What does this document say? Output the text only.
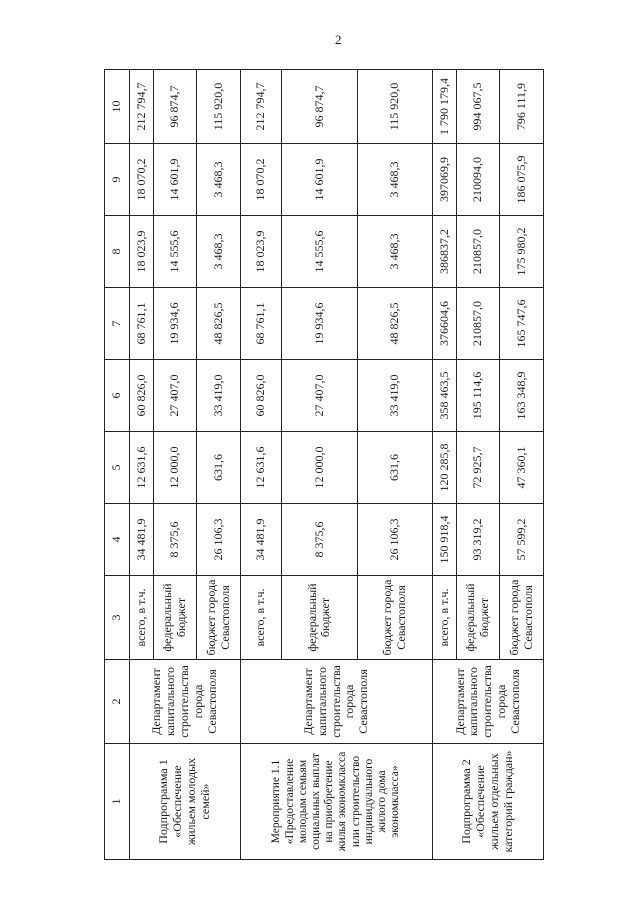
2
1	2	3	4	5	6	7	8	9	10
Подпрограмма 1 «Обеспечение жильем молодых семей»	Департамент капитального строительства города Севастополя	всего, в т.ч.	34 481,9	12 631,6	60 826,0	68 761,1	18 023,9	18 070,2	212 794,7
		федеральный бюджет	8 375,6	12 000,0	27 407,0	19 934,6	14 555,6	14 601,9	96 874,7
		бюджет города Севастополя	26 106,3	631,6	33 419,0	48 826,5	3 468,3	3 468,3	115 920,0
Мероприятие 1.1 «Предоставление молодым семьям социальных выплат на приобретение жилья экономкласса или строительство индивидуального жилого дома экономкласса»	Департамент капитального строительства города Севастополя	всего, в т.ч.	34 481,9	12 631,6	60 826,0	68 761,1	18 023,9	18 070,2	212 794,7
		федеральный бюджет	8 375,6	12 000,0	27 407,0	19 934,6	14 555,6	14 601,9	96 874,7
		бюджет города Севастополя	26 106,3	631,6	33 419,0	48 826,5	3 468,3	3 468,3	115 920,0
Подпрограмма 2 «Обеспечение жильем отдельных категорий граждан»	Департамент капитального строительства города Севастополя	всего, в т.ч.	150 918,4	120 285,8	358 463,5	376604,6	386837,2	397069,9	1 790 179,4
		федеральный бюджет	93 319,2	72 925,7	195 114,6	210857,0	210857,0	210094,0	994 067,5
		бюджет города Севастополя	57 599,2	47 360,1	163 348,9	165 747,6	175 980,2	186 075,9	796 111,9
